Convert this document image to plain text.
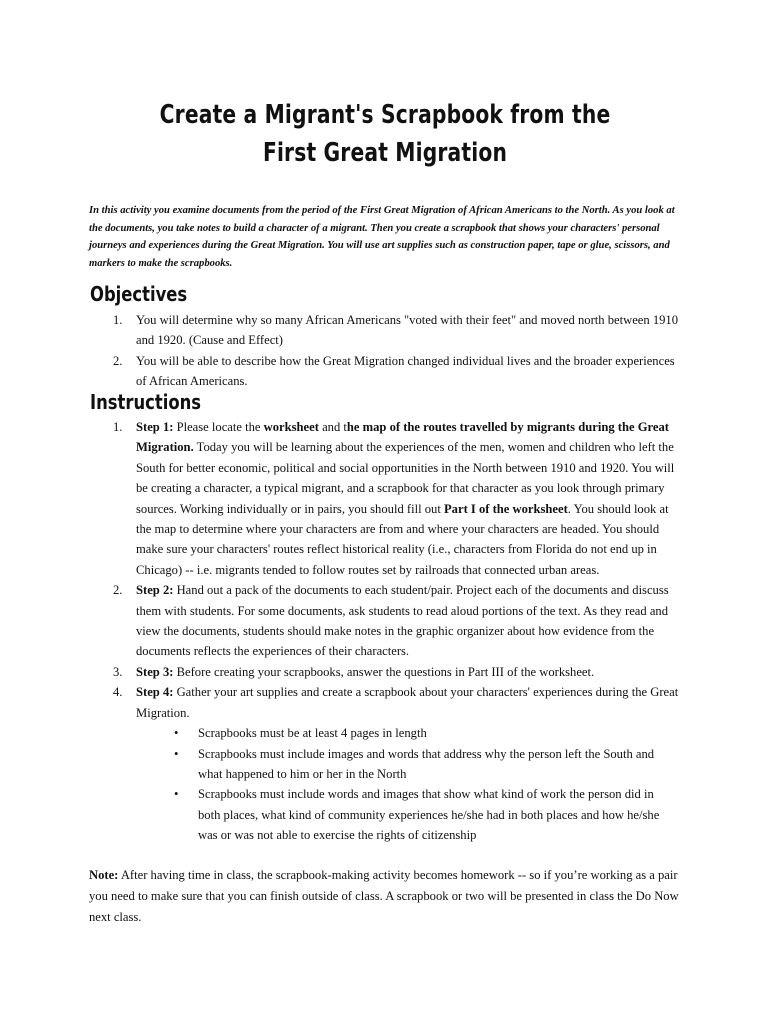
Create a Migrant's Scrapbook from the First Great Migration
In this activity you examine documents from the period of the First Great Migration of African Americans to the North. As you look at the documents, you take notes to build a character of a migrant. Then you create a scrapbook that shows your characters' personal journeys and experiences during the Great Migration. You will use art supplies such as construction paper, tape or glue, scissors, and markers to make the scrapbooks.
Objectives
1. You will determine why so many African Americans "voted with their feet" and moved north between 1910 and 1920. (Cause and Effect)
2. You will be able to describe how the Great Migration changed individual lives and the broader experiences of African Americans.
Instructions
1. Step 1: Please locate the worksheet and the map of the routes travelled by migrants during the Great Migration. Today you will be learning about the experiences of the men, women and children who left the South for better economic, political and social opportunities in the North between 1910 and 1920. You will be creating a character, a typical migrant, and a scrapbook for that character as you look through primary sources. Working individually or in pairs, you should fill out Part I of the worksheet. You should look at the map to determine where your characters are from and where your characters are headed. You should make sure your characters' routes reflect historical reality (i.e., characters from Florida do not end up in Chicago) -- i.e. migrants tended to follow routes set by railroads that connected urban areas.
2. Step 2: Hand out a pack of the documents to each student/pair. Project each of the documents and discuss them with students. For some documents, ask students to read aloud portions of the text. As they read and view the documents, students should make notes in the graphic organizer about how evidence from the documents reflects the experiences of their characters.
3. Step 3: Before creating your scrapbooks, answer the questions in Part III of the worksheet.
4. Step 4: Gather your art supplies and create a scrapbook about your characters' experiences during the Great Migration.
• Scrapbooks must be at least 4 pages in length
• Scrapbooks must include images and words that address why the person left the South and what happened to him or her in the North
• Scrapbooks must include words and images that show what kind of work the person did in both places, what kind of community experiences he/she had in both places and how he/she was or was not able to exercise the rights of citizenship
Note: After having time in class, the scrapbook-making activity becomes homework -- so if you’re working as a pair you need to make sure that you can finish outside of class. A scrapbook or two will be presented in class the Do Now next class.
